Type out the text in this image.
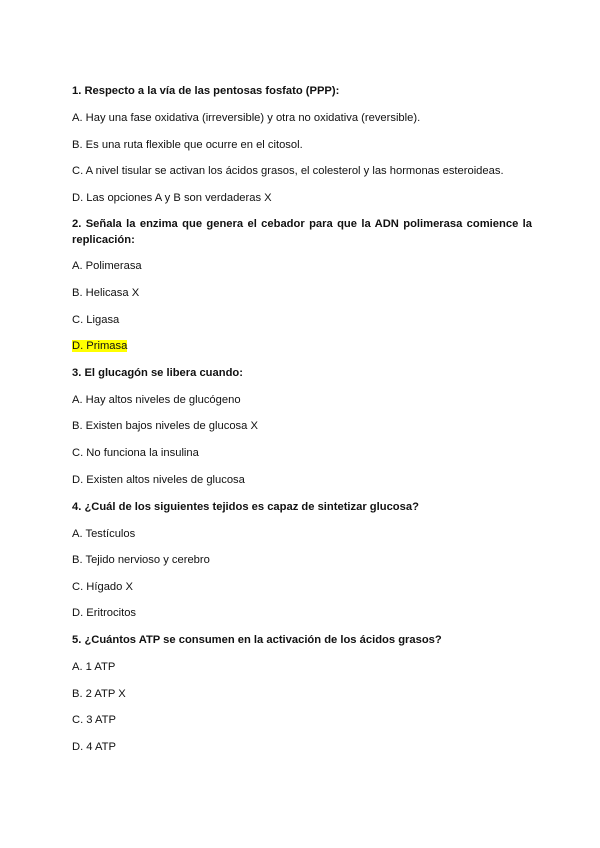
1. Respecto a la vía de las pentosas fosfato (PPP):
A. Hay una fase oxidativa (irreversible) y otra no oxidativa (reversible).
B. Es una ruta flexible que ocurre en el citosol.
C. A nivel tisular se activan los ácidos grasos, el colesterol y las hormonas esteroideas.
D. Las opciones A y B son verdaderas X
2. Señala la enzima que genera el cebador para que la ADN polimerasa comience la replicación:
A. Polimerasa
B. Helicasa X
C. Ligasa
D. Primasa
3. El glucagón se libera cuando:
A. Hay altos niveles de glucógeno
B. Existen bajos niveles de glucosa X
C. No funciona la insulina
D. Existen altos niveles de glucosa
4. ¿Cuál de los siguientes tejidos es capaz de sintetizar glucosa?
A. Testículos
B. Tejido nervioso y cerebro
C. Hígado X
D. Eritrocitos
5. ¿Cuántos ATP se consumen en la activación de los ácidos grasos?
A. 1 ATP
B. 2 ATP X
C. 3 ATP
D. 4 ATP
